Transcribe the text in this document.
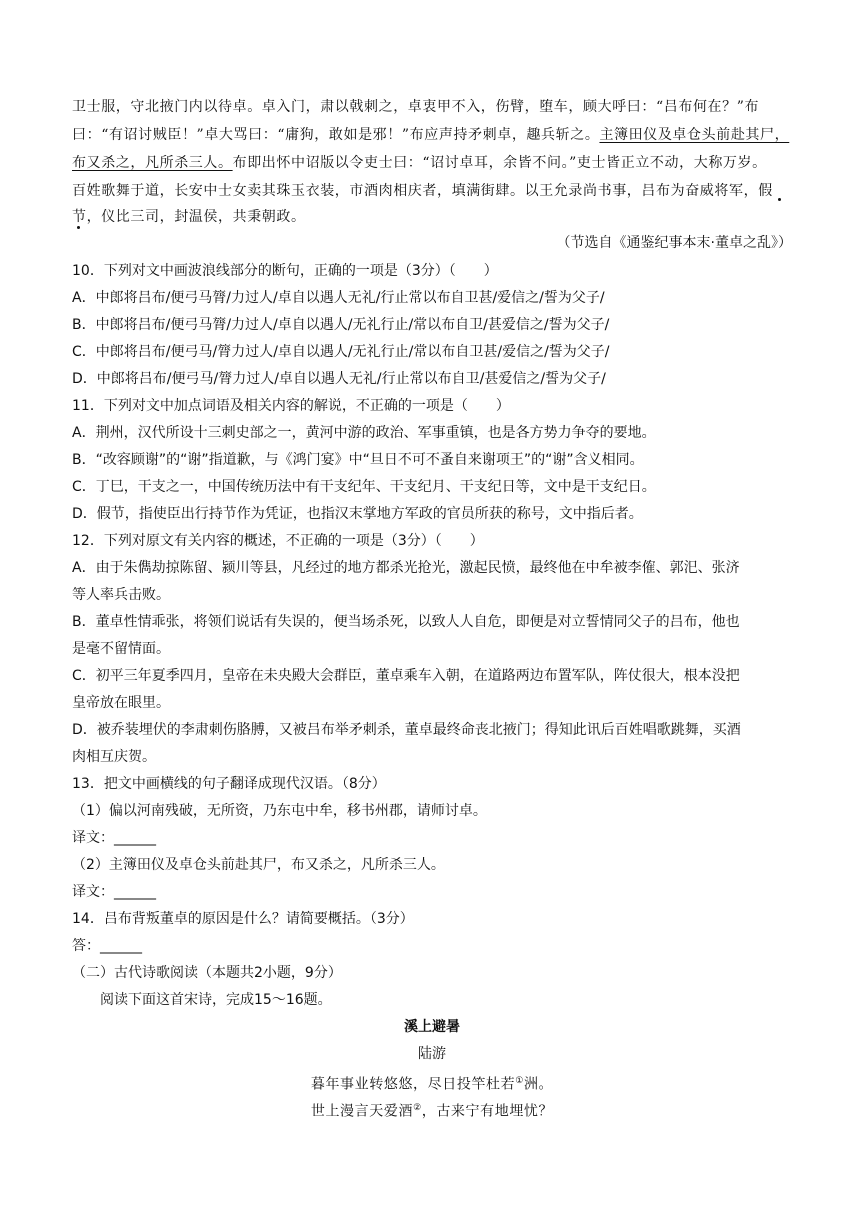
卫士服，守北掖门内以待卓。卓入门，肃以戟刺之，卓衷甲不入，伤臂，堕车，顾大呼曰：“吕布何在？”布
曰：“有诏讨贼臣！”卓大骂曰：“庸狗，敢如是邪！”布应声持矛刺卓，趣兵斩之。主簿田仪及卓仓头前赴其尸，
布又杀之，凡所杀三人。布即出怀中诏版以令吏士曰：“诏讨卓耳，余皆不问。”吏士皆正立不动，大称万岁。
百姓歌舞于道，长安中士女卖其珠玉衣装，市酒肉相庆者，填满街肆。以王允录尚书事，吕布为奋威将军，假
节，仪比三司，封温侯，共秉朝政。
（节选自《通鉴纪事本末·董卓之乱》）
10．下列对文中画波浪线部分的断句，正确的一项是（3分）（　　）
A．中郎将吕布/便弓马膂/力过人/卓自以遇人无礼/行止常以布自卫甚/爱信之/誓为父子/
B．中郎将吕布/便弓马膂/力过人/卓自以遇人/无礼行止/常以布自卫/甚爱信之/誓为父子/
C．中郎将吕布/便弓马/膂力过人/卓自以遇人/无礼行止/常以布自卫甚/爱信之/誓为父子/
D．中郎将吕布/便弓马/膂力过人/卓自以遇人无礼/行止常以布自卫/甚爱信之/誓为父子/
11．下列对文中加点词语及相关内容的解说，不正确的一项是（　　）
A．荆州，汉代所设十三刺史部之一，黄河中游的政治、军事重镇，也是各方势力争夺的要地。
B．“改容顾谢”的“谢”指道歉，与《鸿门宴》中“旦日不可不蚤自来谢项王”的“谢”含义相同。
C．丁巳，干支之一，中国传统历法中有干支纪年、干支纪月、干支纪日等，文中是干支纪日。
D．假节，指使臣出行持节作为凭证，也指汉末掌地方军政的官员所获的称号，文中指后者。
12．下列对原文有关内容的概述，不正确的一项是（3分）（　　）
A．由于朱儁劫掠陈留、颍川等县，凡经过的地方都杀光抢光，激起民愤，最终他在中牟被李傕、郭汜、张济
等人率兵击败。
B．董卓性情乖张，将领们说话有失误的，便当场杀死，以致人人自危，即便是对立誓情同父子的吕布，他也
是毫不留情面。
C．初平三年夏季四月，皇帝在未央殿大会群臣，董卓乘车入朝，在道路两边布置军队，阵仗很大，根本没把
皇帝放在眼里。
D．被乔装埋伏的李肃刺伤胳膊，又被吕布举矛刺杀，董卓最终命丧北掖门；得知此讯后百姓唱歌跳舞，买酒
肉相互庆贺。
13．把文中画横线的句子翻译成现代汉语。（8分）
（1）偏以河南残破，无所资，乃东屯中牟，移书州郡，请师讨卓。
译文：______
（2）主簿田仪及卓仓头前赴其尸，布又杀之，凡所杀三人。
译文：______
14．吕布背叛董卓的原因是什么？请简要概括。（3分）
答：______
（二）古代诗歌阅读（本题共2小题，9分）
阅读下面这首宋诗，完成15～16题。
溪上避暑
陆游
暮年事业转悠悠，尽日投竿杜若①洲。
世上漫言天爱酒②，古来宁有地埋忧？
